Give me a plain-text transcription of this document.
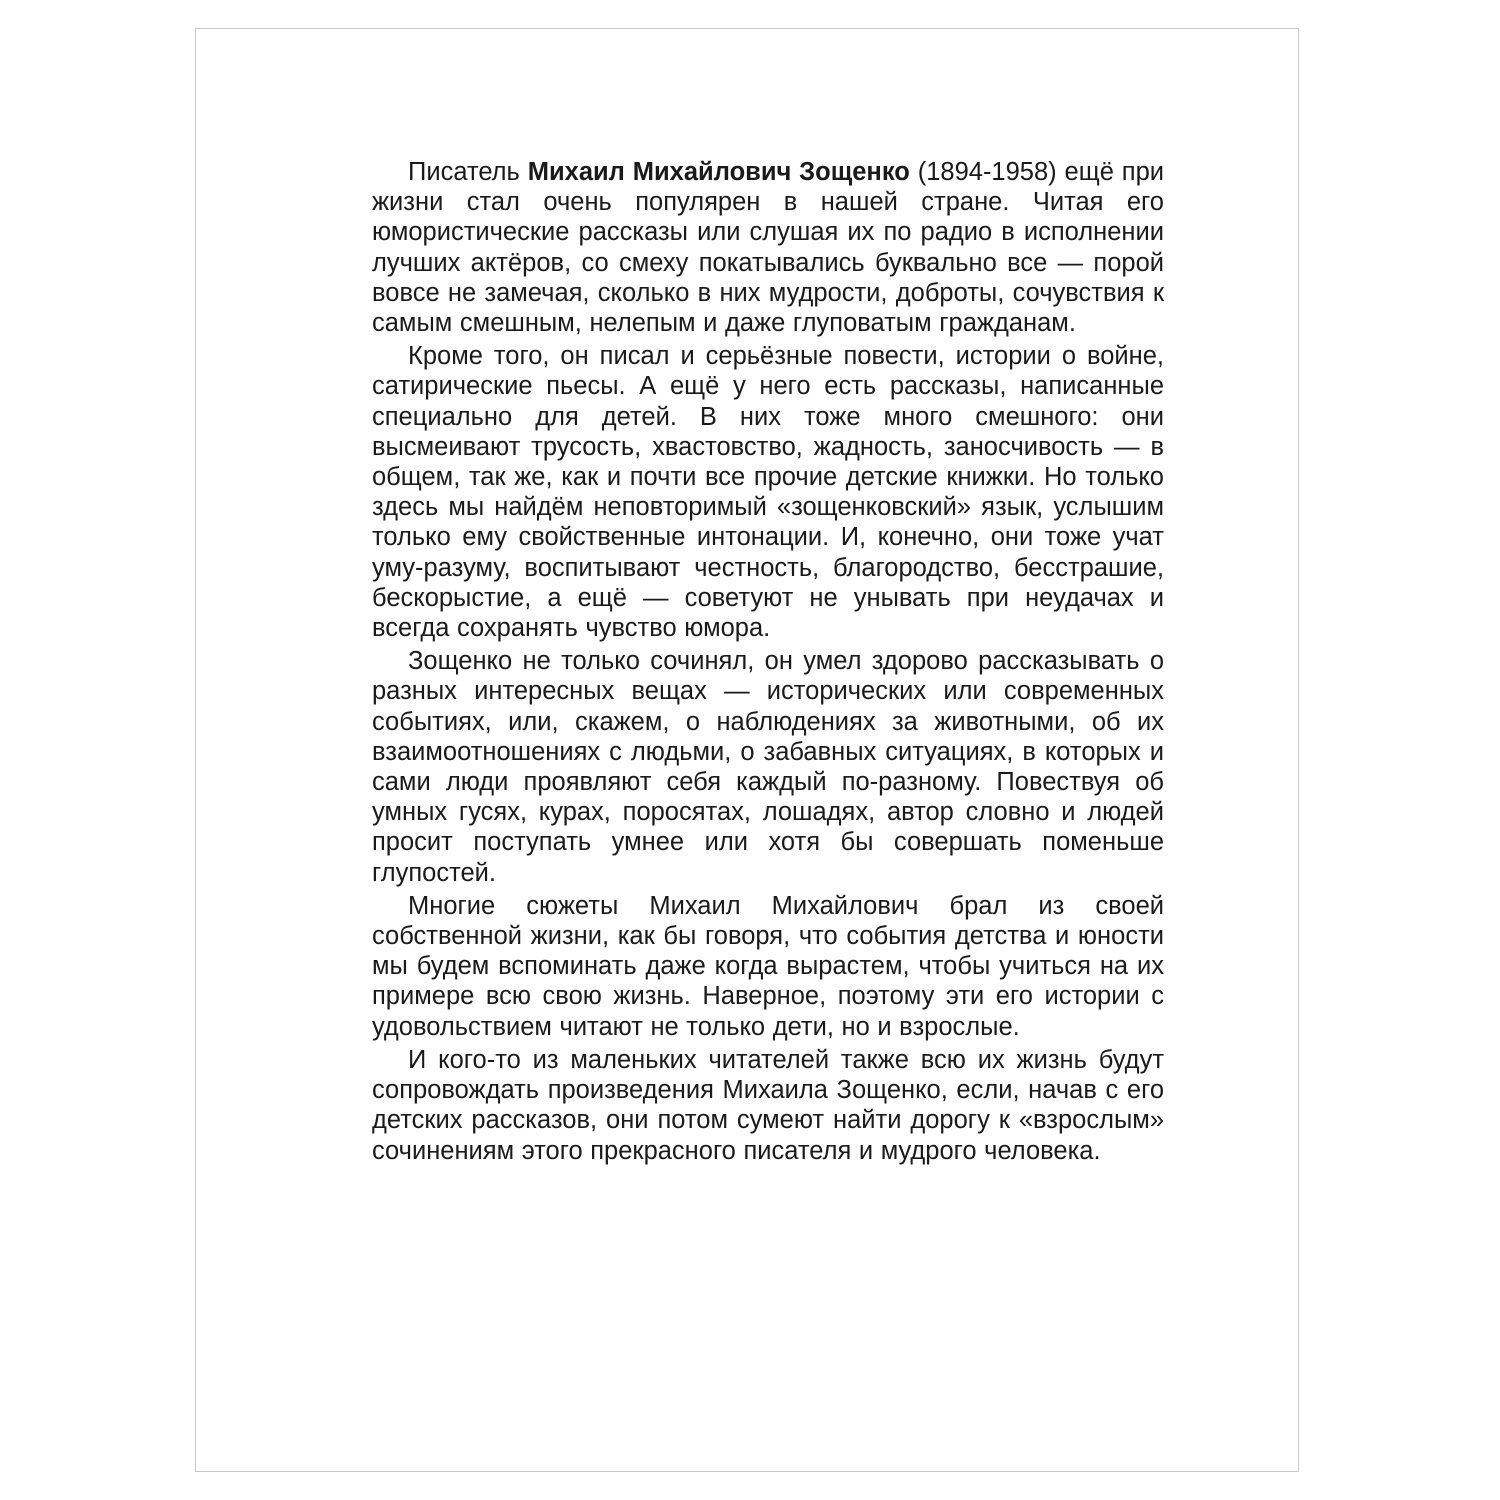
Писатель Михаил Михайлович Зощенко (1894-1958) ещё при жизни стал очень популярен в нашей стране. Читая его юмористические рассказы или слушая их по радио в исполнении лучших актёров, со смеху покатывались буквально все — порой вовсе не замечая, сколько в них мудрости, доброты, сочувствия к самым смешным, нелепым и даже глуповатым гражданам.

Кроме того, он писал и серьёзные повести, истории о войне, сатирические пьесы. А ещё у него есть рассказы, написанные специально для детей. В них тоже много смешного: они высмеивают трусость, хвастовство, жадность, заносчивость — в общем, так же, как и почти все прочие детские книжки. Но только здесь мы найдём неповторимый «зощенковский» язык, услышим только ему свойственные интонации. И, конечно, они тоже учат уму-разуму, воспитывают честность, благородство, бесстрашие, бескорыстие, а ещё — советуют не унывать при неудачах и всегда сохранять чувство юмора.

Зощенко не только сочинял, он умел здорово рассказывать о разных интересных вещах — исторических или современных событиях, или, скажем, о наблюдениях за животными, об их взаимоотношениях с людьми, о забавных ситуациях, в которых и сами люди проявляют себя каждый по-разному. Повествуя об умных гусях, курах, поросятах, лошадях, автор словно и людей просит поступать умнее или хотя бы совершать поменьше глупостей.

Многие сюжеты Михаил Михайлович брал из своей собственной жизни, как бы говоря, что события детства и юности мы будем вспоминать даже когда вырастем, чтобы учиться на их примере всю свою жизнь. Наверное, поэтому эти его истории с удовольствием читают не только дети, но и взрослые.

И кого-то из маленьких читателей также всю их жизнь будут сопровождать произведения Михаила Зощенко, если, начав с его детских рассказов, они потом сумеют найти дорогу к «взрослым» сочинениям этого прекрасного писателя и мудрого человека.
